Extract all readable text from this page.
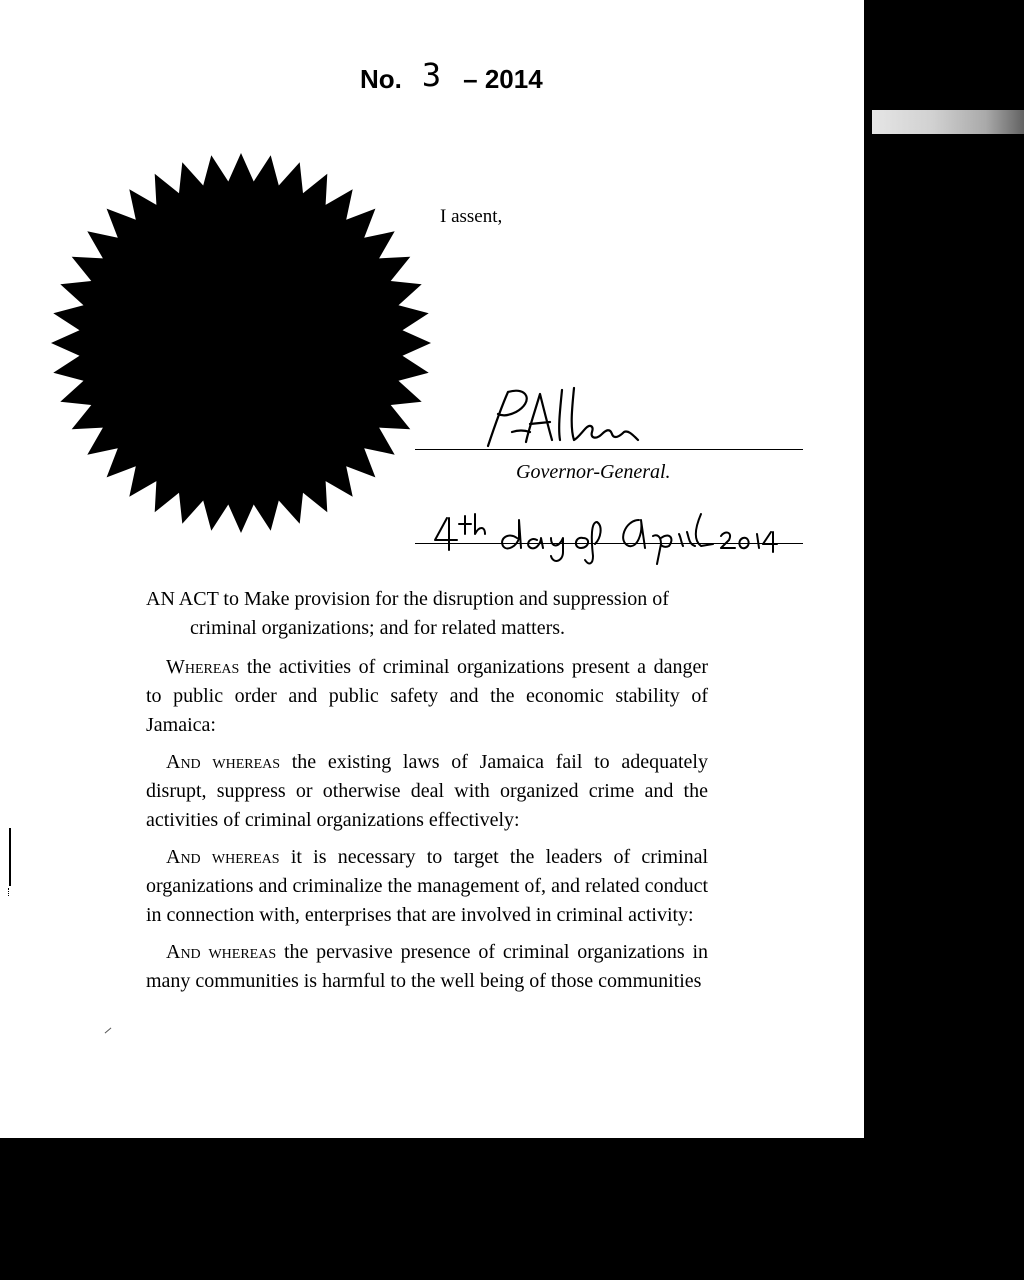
No. 3 – 2014
I assent,
Governor-General.

AN ACT to Make provision for the disruption and suppression of criminal organizations; and for related matters.

Whereas the activities of criminal organizations present a danger to public order and public safety and the economic stability of Jamaica:

And whereas the existing laws of Jamaica fail to adequately disrupt, suppress or otherwise deal with organized crime and the activities of criminal organizations effectively:

And whereas it is necessary to target the leaders of criminal organizations and criminalize the management of, and related conduct in connection with, enterprises that are involved in criminal activity:

And whereas the pervasive presence of criminal organizations in many communities is harmful to the well being of those communities
